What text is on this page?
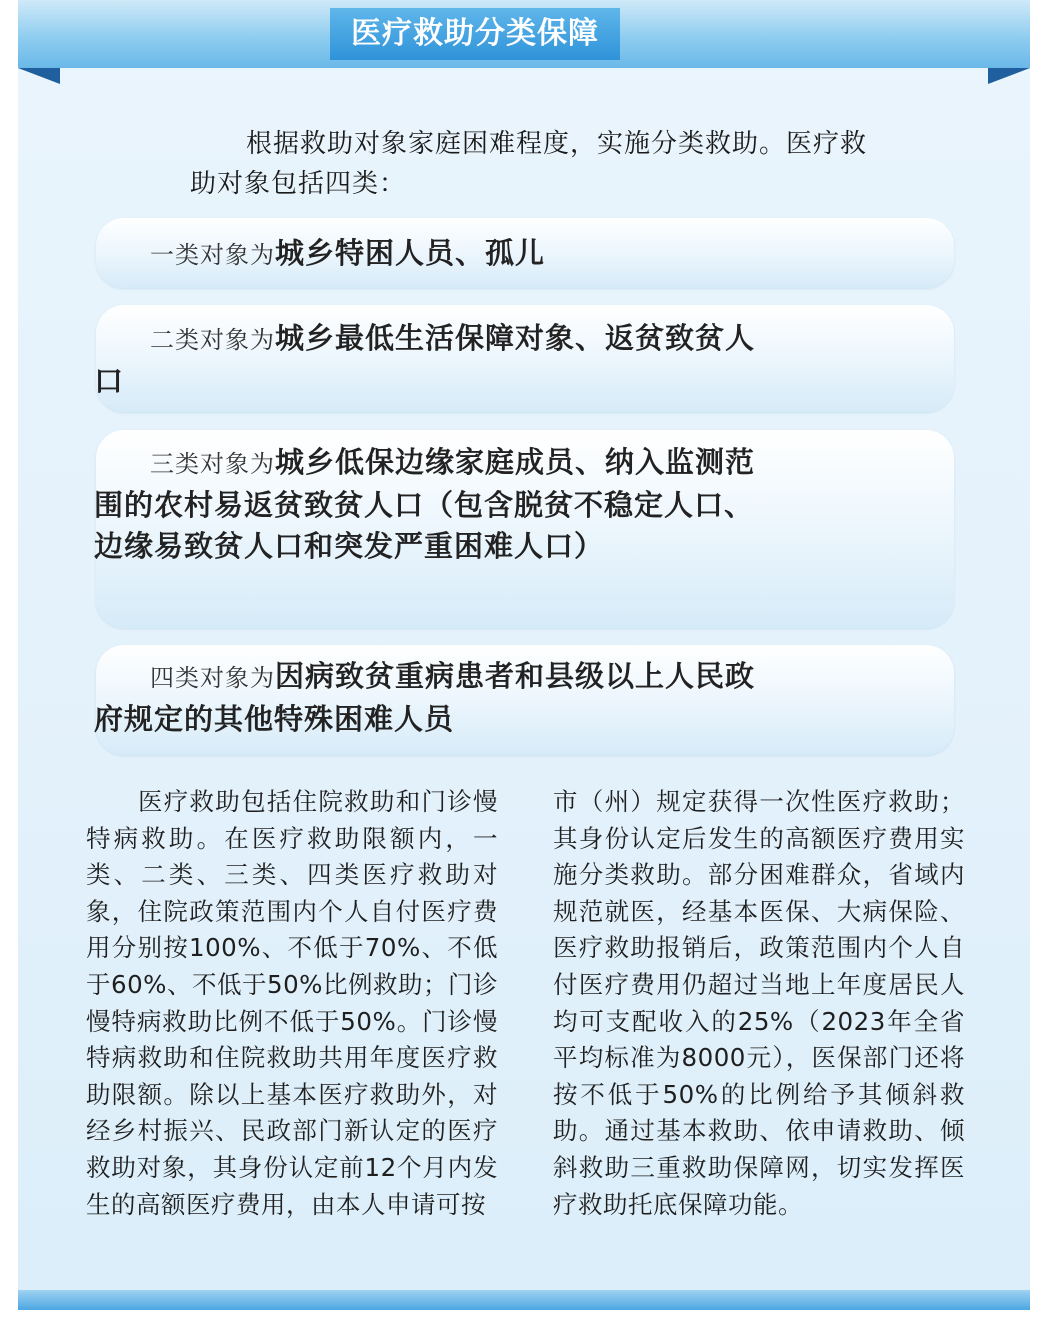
医疗救助分类保障
根据救助对象家庭困难程度，实施分类救助。医疗救助对象包括四类：
一类对象为城乡特困人员、孤儿
二类对象为城乡最低生活保障对象、返贫致贫人口
三类对象为城乡低保边缘家庭成员、纳入监测范围的农村易返贫致贫人口（包含脱贫不稳定人口、边缘易致贫人口和突发严重困难人口）
四类对象为因病致贫重病患者和县级以上人民政府规定的其他特殊困难人员
医疗救助包括住院救助和门诊慢特病救助。在医疗救助限额内，一类、二类、三类、四类医疗救助对象，住院政策范围内个人自付医疗费用分别按100%、不低于70%、不低于60%、不低于50%比例救助；门诊慢特病救助比例不低于50%。门诊慢特病救助和住院救助共用年度医疗救助限额。除以上基本医疗救助外，对经乡村振兴、民政部门新认定的医疗救助对象，其身份认定前12个月内发生的高额医疗费用，由本人申请可按
市（州）规定获得一次性医疗救助；其身份认定后发生的高额医疗费用实施分类救助。部分困难群众，省域内规范就医，经基本医保、大病保险、医疗救助报销后，政策范围内个人自付医疗费用仍超过当地上年度居民人均可支配收入的25%（2023年全省平均标准为8000元），医保部门还将按不低于50%的比例给予其倾斜救助。通过基本救助、依申请救助、倾斜救助三重救助保障网，切实发挥医疗救助托底保障功能。
